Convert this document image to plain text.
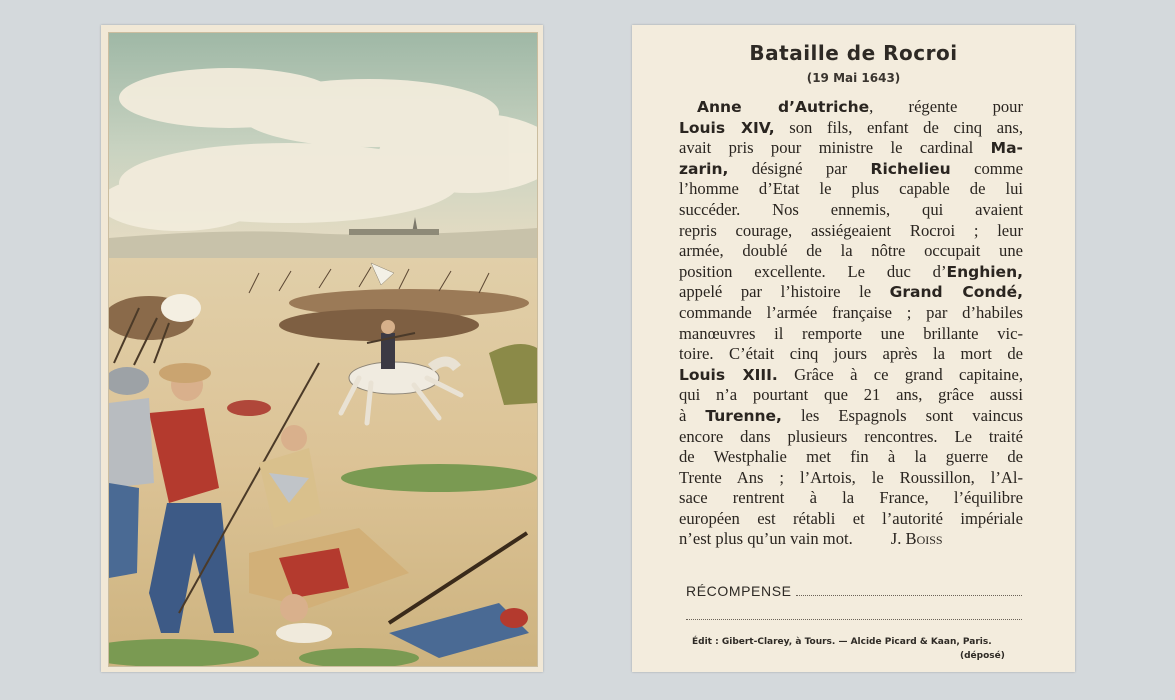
Bataille de Rocroi
(19 Mai 1643)
Anne d’Autriche, régente pour
Louis XIV, son fils, enfant de cinq ans,
avait pris pour ministre le cardinal Ma-
zarin, désigné par Richelieu comme
l’homme d’Etat le plus capable de lui
succéder. Nos ennemis, qui avaient
repris courage, assiégeaient Rocroi ; leur
armée, doublé de la nôtre occupait une
position excellente. Le duc d’Enghien,
appelé par l’histoire le Grand Condé,
commande l’armée française ; par d’habiles
manœuvres il remporte une brillante vic-
toire. C’était cinq jours après la mort de
Louis XIII. Grâce à ce grand capitaine,
qui n’a pourtant que 21 ans, grâce aussi
à Turenne, les Espagnols sont vaincus
encore dans plusieurs rencontres. Le traité
de Westphalie met fin à la guerre de
Trente Ans ; l’Artois, le Roussillon, l’Al-
sace rentrent à la France, l’équilibre
européen est rétabli et l’autorité impériale
n’est plus qu’un vain mot. J. Boiss
RÉCOMPENSE
Édit : Gibert-Clarey, à Tours. — Alcide Picard & Kaan, Paris.
(déposé)
